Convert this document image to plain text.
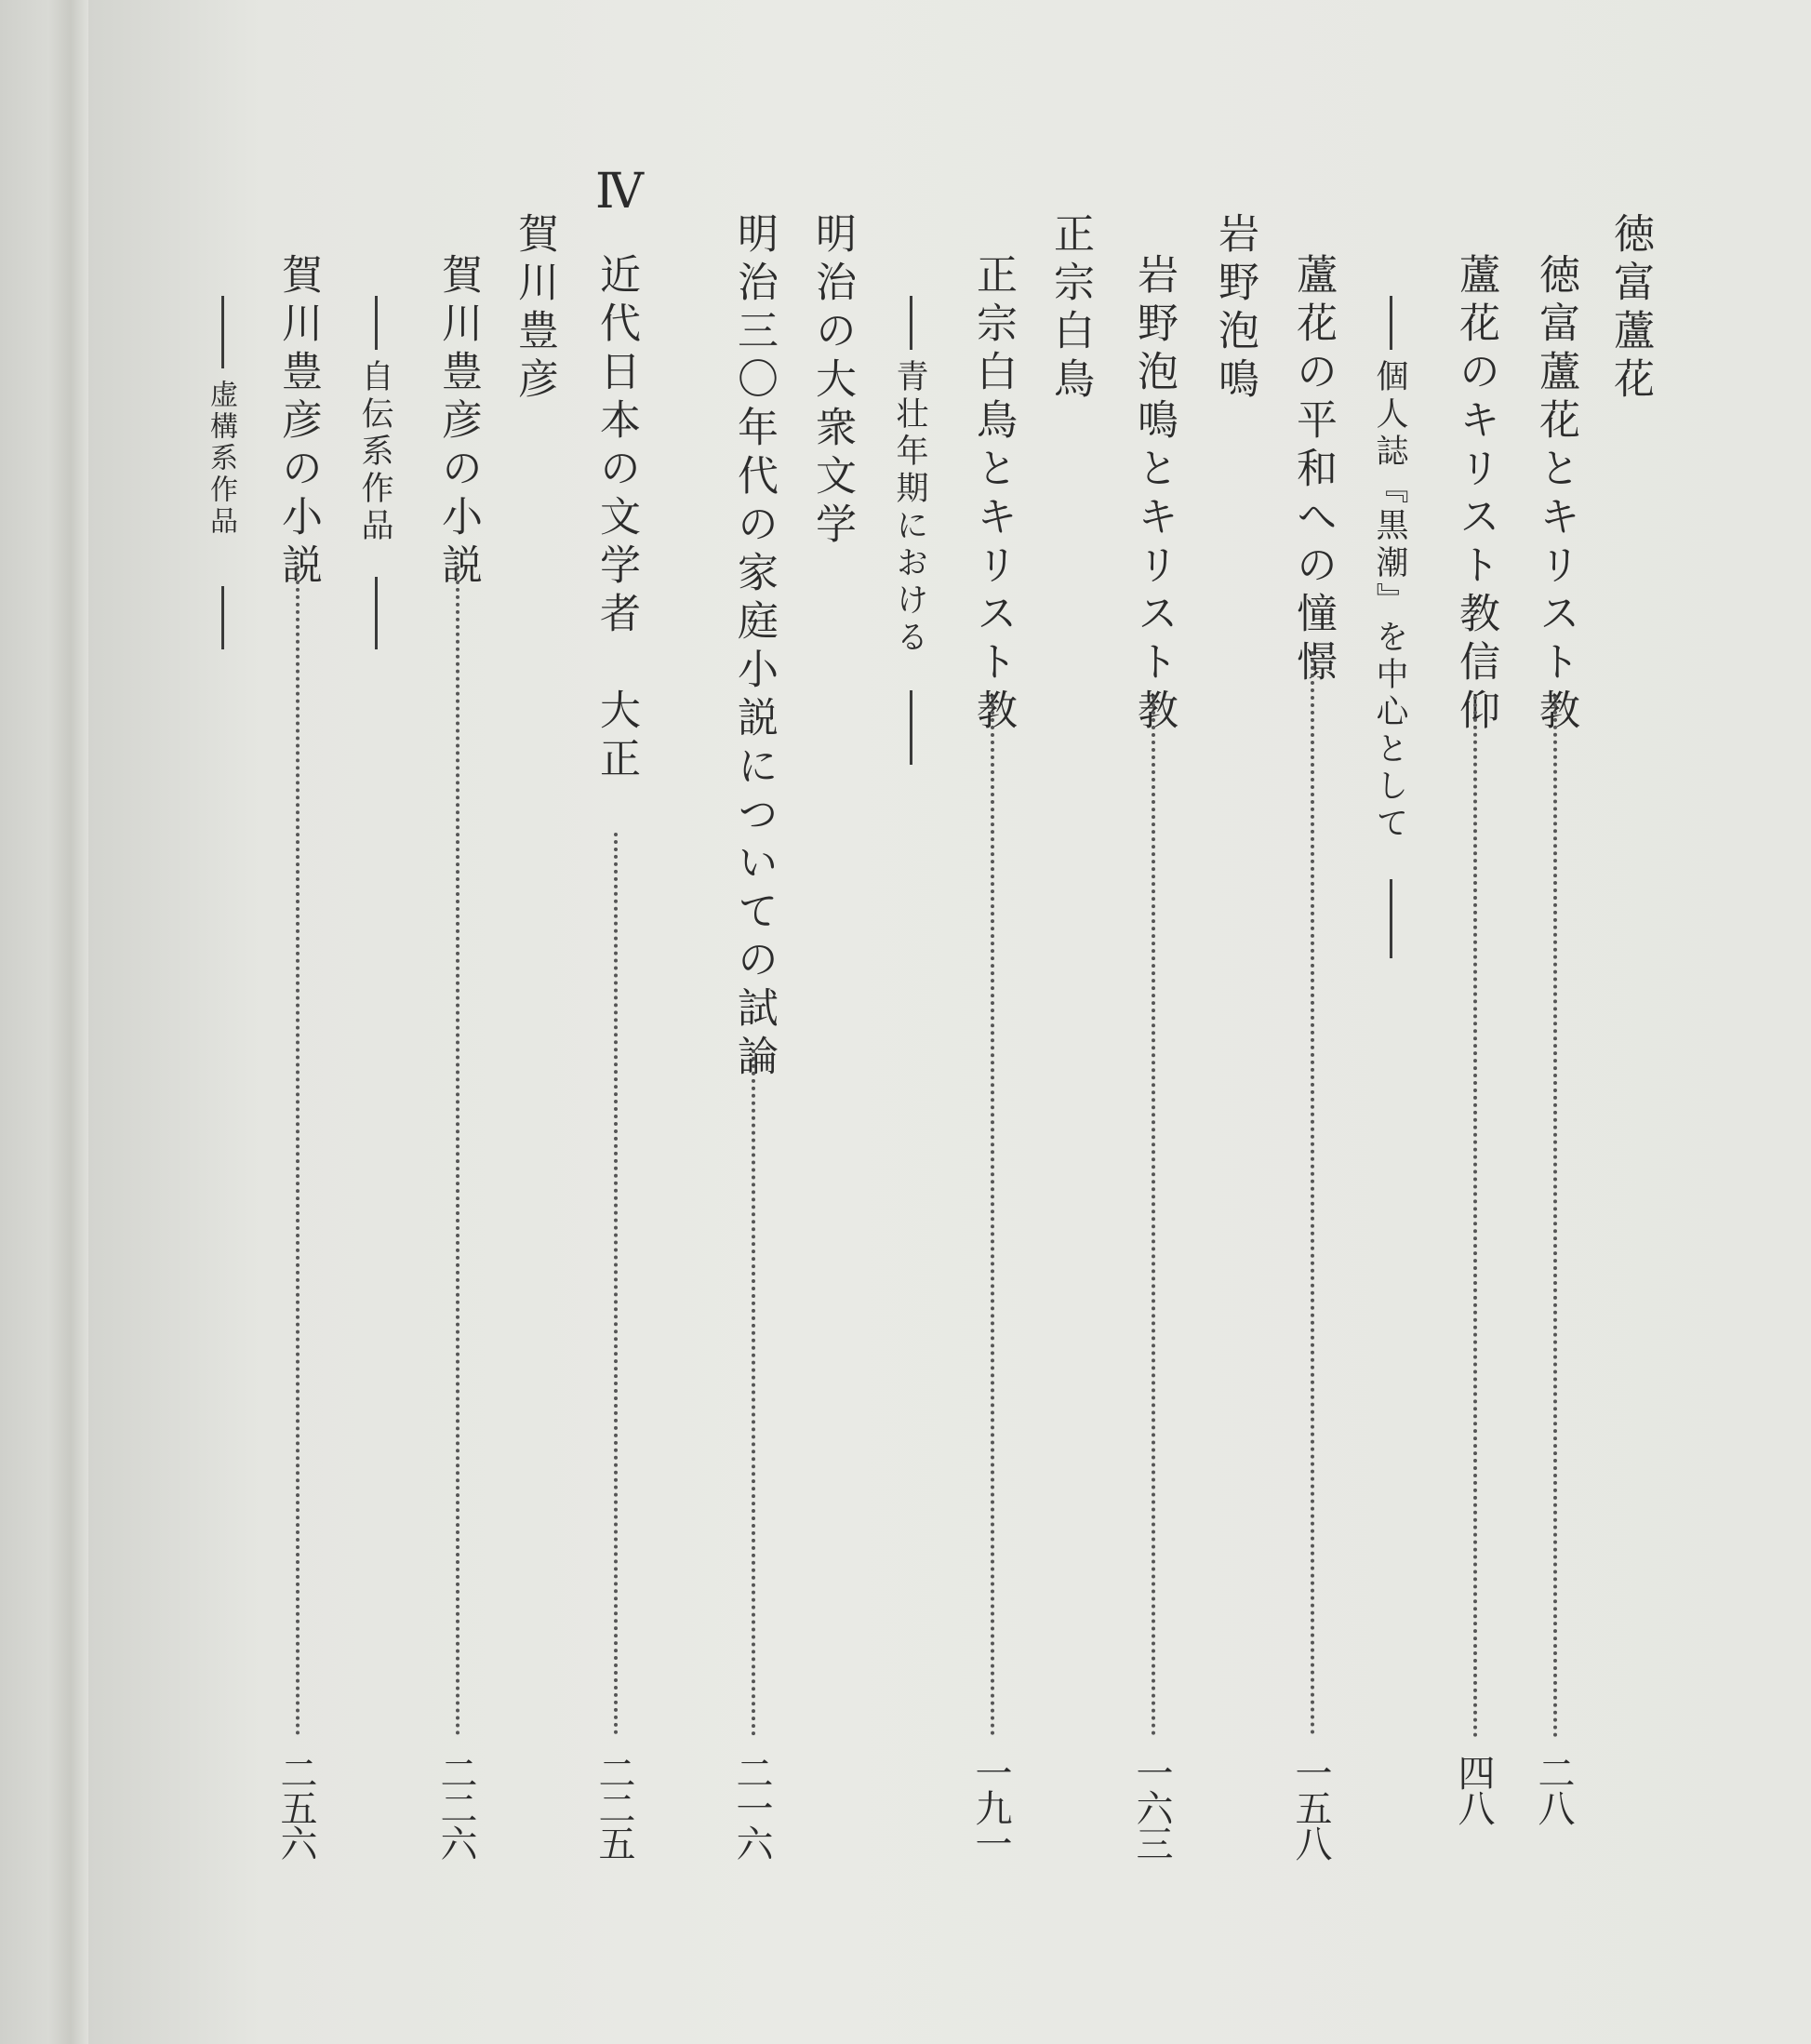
徳富蘆花
徳富蘆花とキリスト教
二八
蘆花のキリスト教信仰
四八
個人誌『黒潮』を中心として
蘆花の平和への憧憬
一五八
岩野泡鳴
岩野泡鳴とキリスト教
一六三
正宗白鳥
正宗白鳥とキリスト教
一九一
青壮年期における
明治の大衆文学
明治三〇年代の家庭小説についての試論
二一六
Ⅳ
近代日本の文学者　大正
二二五
賀川豊彦
賀川豊彦の小説
二二六
自伝系作品
賀川豊彦の小説
二五六
虚構系作品
